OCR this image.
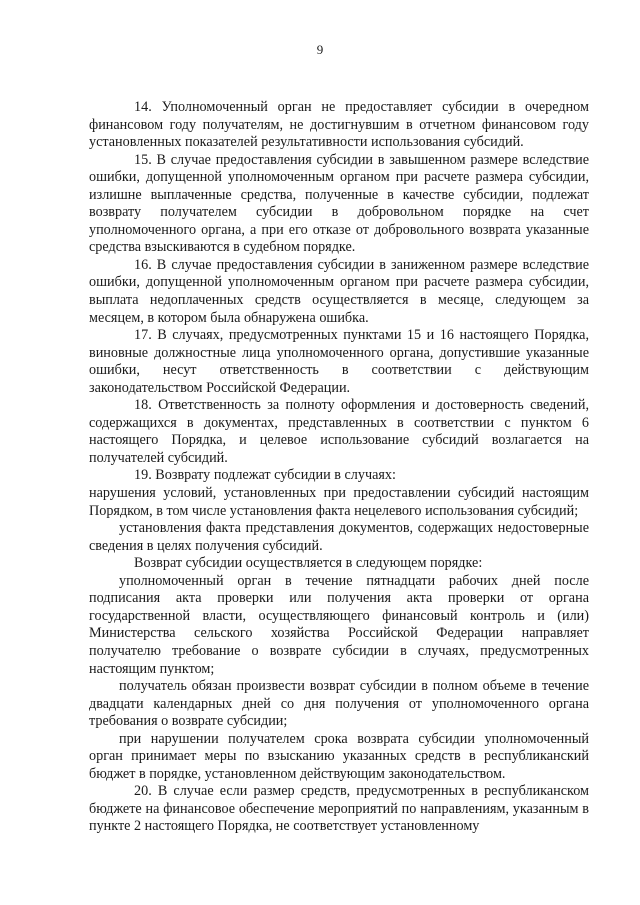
9

14. Уполномоченный орган не предоставляет субсидии в очередном финансовом году получателям, не достигнувшим в отчетном финансовом году установленных показателей результативности использования субсидий.

15. В случае предоставления субсидии в завышенном размере вследствие ошибки, допущенной уполномоченным органом при расчете размера субсидии, излишне выплаченные средства, полученные в качестве субсидии, подлежат возврату получателем субсидии в добровольном порядке на счет уполномоченного органа, а при его отказе от добровольного возврата указанные средства взыскиваются в судебном порядке.

16. В случае предоставления субсидии в заниженном размере вследствие ошибки, допущенной уполномоченным органом при расчете размера субсидии, выплата недоплаченных средств осуществляется в месяце, следующем за месяцем, в котором была обнаружена ошибка.

17. В случаях, предусмотренных пунктами 15 и 16 настоящего Порядка, виновные должностные лица уполномоченного органа, допустившие указанные ошибки, несут ответственность в соответствии с действующим законодательством Российской Федерации.

18. Ответственность за полноту оформления и достоверность сведений, содержащихся в документах, представленных в соответствии с пунктом 6 настоящего Порядка, и целевое использование субсидий возлагается на получателей субсидий.

19. Возврату подлежат субсидии в случаях:

нарушения условий, установленных при предоставлении субсидий настоящим Порядком, в том числе установления факта нецелевого использования субсидий;

установления факта представления документов, содержащих недостоверные сведения в целях получения субсидий.

Возврат субсидии осуществляется в следующем порядке:

уполномоченный орган в течение пятнадцати рабочих дней после подписания акта проверки или получения акта проверки от органа государственной власти, осуществляющего финансовый контроль и (или) Министерства сельского хозяйства Российской Федерации направляет получателю требование о возврате субсидии в случаях, предусмотренных настоящим пунктом;

получатель обязан произвести возврат субсидии в полном объеме в течение двадцати календарных дней со дня получения от уполномоченного органа требования о возврате субсидии;

при нарушении получателем срока возврата субсидии уполномоченный орган принимает меры по взысканию указанных средств в республиканский бюджет в порядке, установленном действующим законодательством.

20. В случае если размер средств, предусмотренных в республиканском бюджете на финансовое обеспечение мероприятий по направлениям, указанным в пункте 2 настоящего Порядка, не соответствует установленному
